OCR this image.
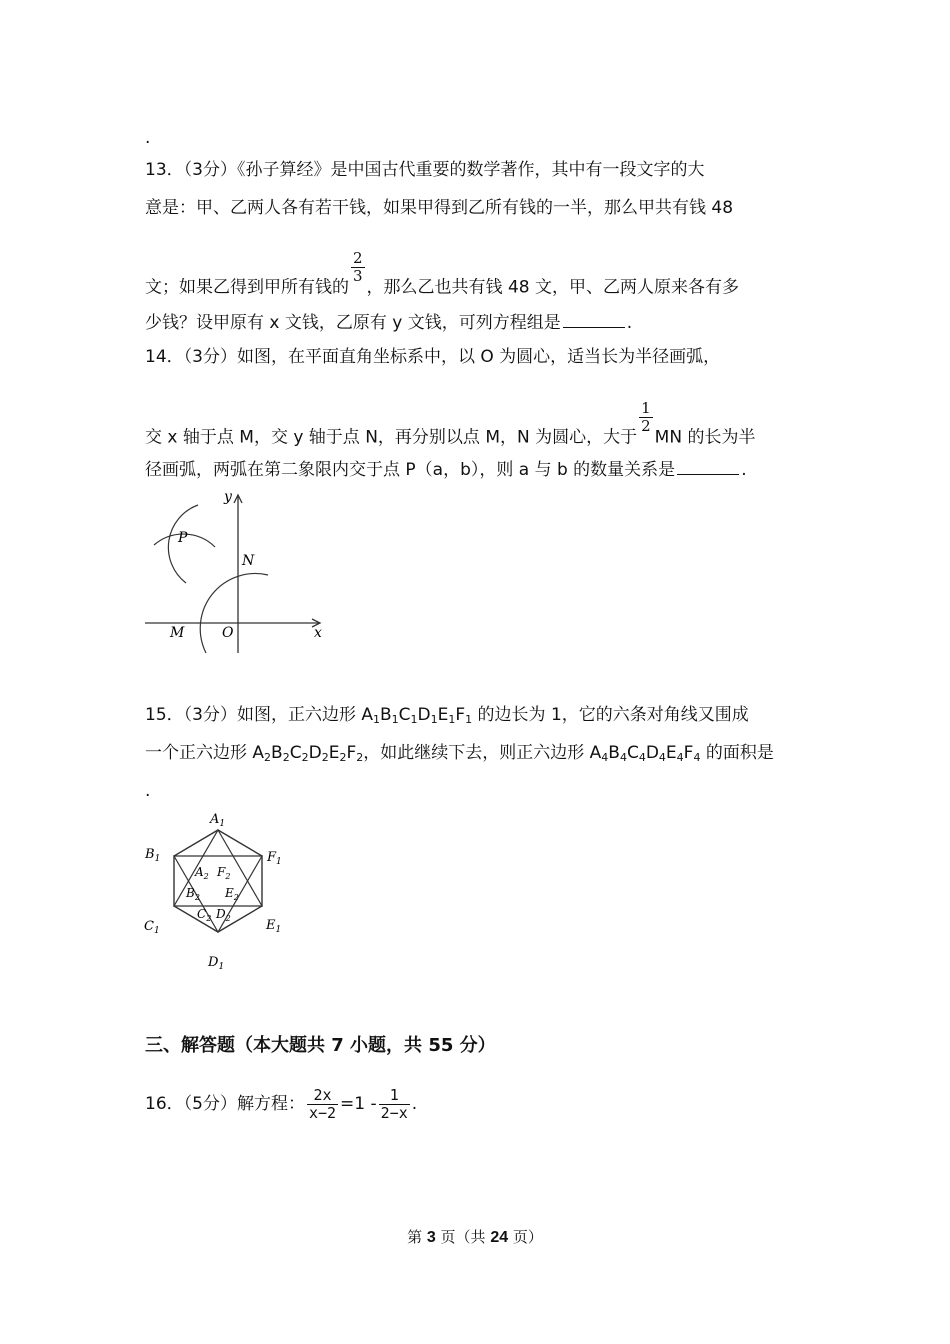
.
13．（3分）《孙子算经》是中国古代重要的数学著作，其中有一段文字的大
意是：甲、乙两人各有若干钱，如果甲得到乙所有钱的一半，那么甲共有钱 48
文；如果乙得到甲所有钱的
$\frac{2}{3}$
，那么乙也共有钱 48 文，甲、乙两人原来各有多
少钱？设甲原有 x 文钱，乙原有 y 文钱，可列方程组是	.
14．（3分）如图，在平面直角坐标系中，以 O 为圆心，适当长为半径画弧，
交 x 轴于点 M，交 y 轴于点 N，再分别以点 M，N 为圆心，大于
$\frac{1}{2}$
MN 的长为半
径画弧，两弧在第二象限内交于点 P（a，b），则 a 与 b 的数量关系是	.
P
N
M	O
y
x
15．（3分）如图，正六边形 $A_1B_1C_1D_1E_1F_1$ 的边长为 1，它的六条对角线又围成
一个正六边形 $A_2B_2C_2D_2E_2F_2$，如此继续下去，则正六边形 $A_4B_4C_4D_4E_4F_4$ 的面积是
.
$A_1$
$B_1$
$C_1$
$D_1$
$E_1$
$F_1$
$A_2$ $F_2$
$B_2$ $E_2$
$C_2$ $D_2$
三、解答题（本大题共 7 小题，共 55 分）
16．（5分）解方程： $\frac{2x}{x-2} =1 - \frac{1}{2-x}$ .
第 3 页（共 24 页）
